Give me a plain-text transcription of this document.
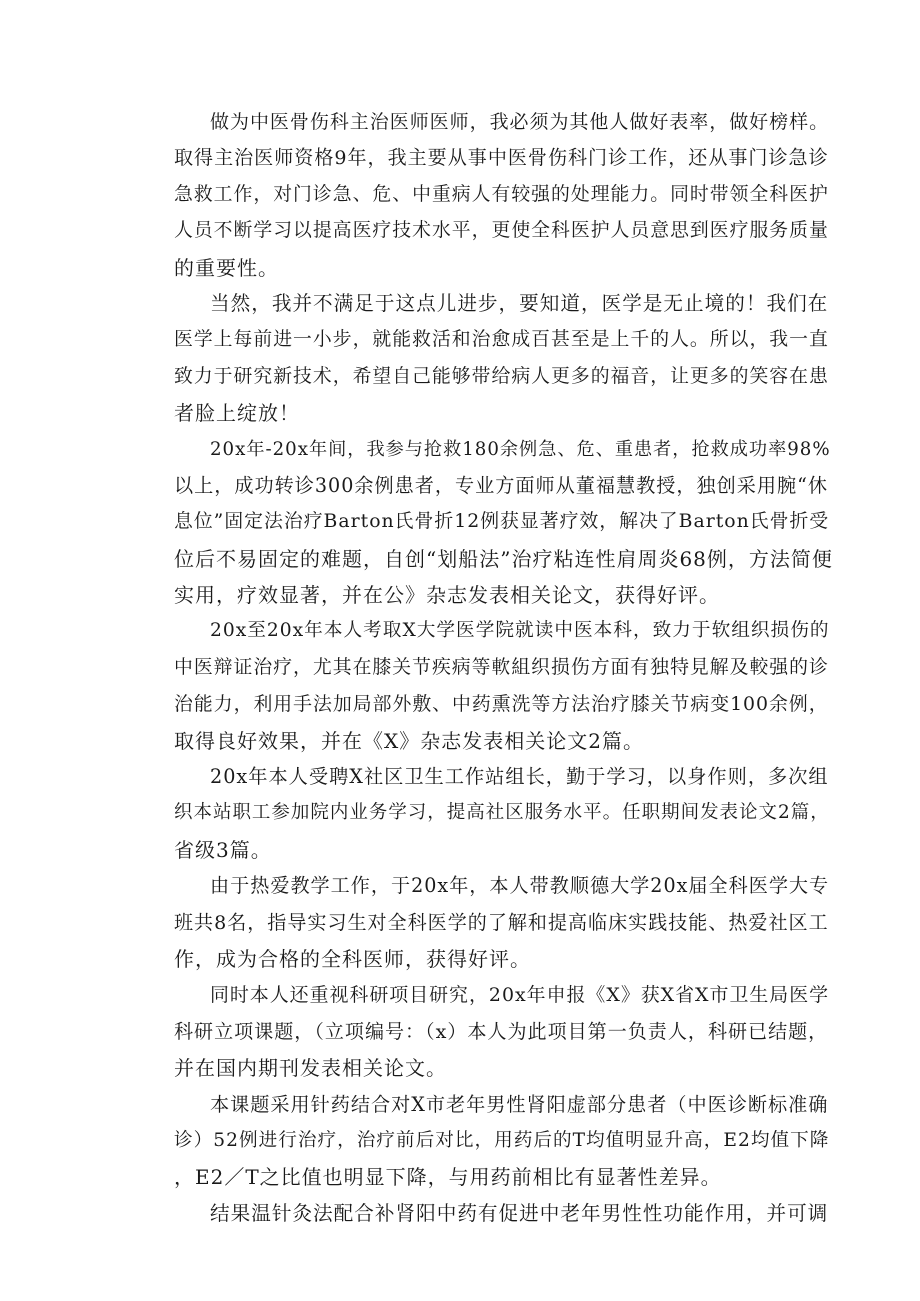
做为中医骨伤科主治医师医师，我必须为其他人做好表率，做好榜样。
取得主治医师资格9年，我主要从事中医骨伤科门诊工作，还从事门诊急诊
急救工作，对门诊急、危、中重病人有较强的处理能力。同时带领全科医护
人员不断学习以提高医疗技术水平，更使全科医护人员意思到医疗服务质量
的重要性。

当然，我并不满足于这点儿进步，要知道，医学是无止境的！我们在
医学上每前进一小步，就能救活和治愈成百甚至是上千的人。所以，我一直
致力于研究新技术，希望自己能够带给病人更多的福音，让更多的笑容在患
者脸上绽放！

20x年-20x年间，我参与抢救180余例急、危、重患者，抢救成功率98%
以上，成功转诊300余例患者，专业方面师从董福慧教授，独创采用腕“休
息位”固定法治疗Barton氏骨折12例获显著疗效，解决了Barton氏骨折受
位后不易固定的难题，自创“划船法”治疗粘连性肩周炎68例，方法简便
实用，疗效显著，并在公》杂志发表相关论文，获得好评。

20x至20x年本人考取X大学医学院就读中医本科，致力于软组织损伤的
中医辩证治疗，尤其在膝关节疾病等軟組织损伤方面有独特見解及較强的诊
治能力，利用手法加局部外敷、中药熏洗等方法治疗膝关节病变100余例，
取得良好效果，并在《X》杂志发表相关论文2篇。

20x年本人受聘X社区卫生工作站组长，勤于学习，以身作则，多次组
织本站职工参加院内业务学习，提高社区服务水平。任职期间发表论文2篇，
省级3篇。

由于热爱教学工作，于20x年，本人带教顺德大学20x届全科医学大专
班共8名，指导实习生对全科医学的了解和提高临床实践技能、热爱社区工
作，成为合格的全科医师，获得好评。

同时本人还重视科研项目研究，20x年申报《X》获X省X市卫生局医学
科研立项课题，（立项编号：（x）本人为此项目第一负责人，科研已结题，
并在国内期刊发表相关论文。

本课题采用针药结合对X市老年男性肾阳虚部分患者（中医诊断标准确
诊）52例进行治疗，治疗前后对比，用药后的T均值明显升高，E2均值下降
，E2／T之比值也明显下降，与用药前相比有显著性差异。

结果温针灸法配合补肾阳中药有促进中老年男性性功能作用，并可调
